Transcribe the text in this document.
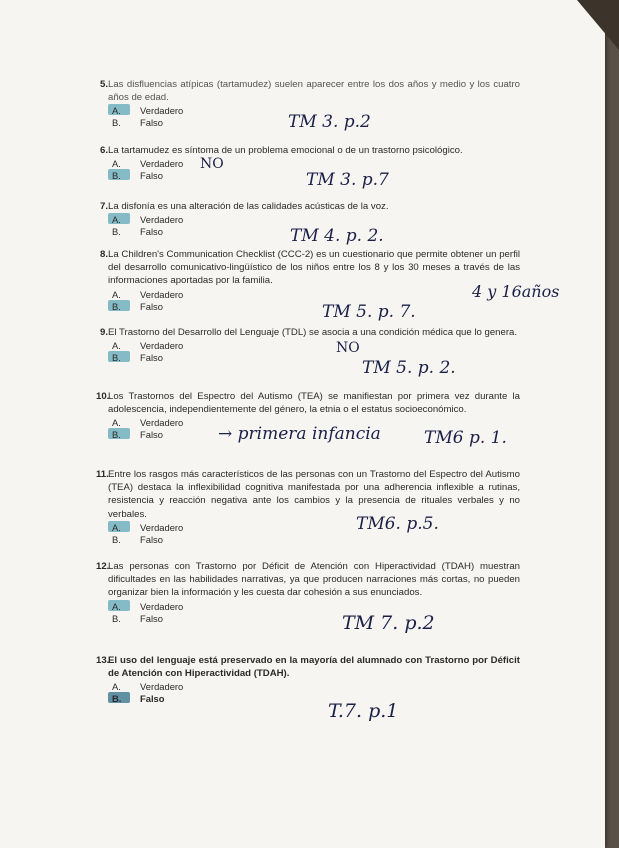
5. Las disfluencias atípicas (tartamudez) suelen aparecer entre los dos años y medio y los cuatro años de edad.
A. Verdadero
B. Falso	TM 3. p.2
6. La tartamudez es síntoma de un problema emocional o de un trastorno psicológico.
A. Verdadero
B. Falso
NO
TM 3. p.7
7. La disfonía es una alteración de las calidades acústicas de la voz.
A. Verdadero
B. Falso	TM 4. p. 2.
8. La Children's Communication Checklist (CCC-2) es un cuestionario que permite obtener un perfil del desarrollo comunicativo-lingüístico de los niños entre los 8 y los 30 meses a través de las informaciones aportadas por la familia.
A. Verdadero
B. Falso
4 y 16años
TM 5. p. 7.
9. El Trastorno del Desarrollo del Lenguaje (TDL) se asocia a una condición médica que lo genera.
A. Verdadero
B. Falso
NO
TM 5. p. 2.
10.
Los Trastornos del Espectro del Autismo (TEA) se manifiestan por primera vez durante la adolescencia, independientemente del género, la etnia o el estatus socioeconómico.
A. Verdadero
B. Falso	→ primera infancia	TM6 p. 1.
11. Entre los rasgos más característicos de las personas con un Trastorno del Espectro del Autismo (TEA) destaca la inflexibilidad cognitiva manifestada por una adherencia inflexible a rutinas, resistencia y reacción negativa ante los cambios y la presencia de rituales verbales y no verbales.
A. Verdadero
B. Falso
TM6. p.5.
12.
Las personas con Trastorno por Déficit de Atención con Hiperactividad (TDAH) muestran dificultades en las habilidades narrativas, ya que producen narraciones más cortas, no pueden organizar bien la información y les cuesta dar cohesión a sus enunciados.
A. Verdadero
B. Falso	TM 7. p.2
13.
El uso del lenguaje está preservado en la mayoría del alumnado con Trastorno por Déficit de Atención con Hiperactividad (TDAH).
A. Verdadero
B. Falso
T.7. p.1
